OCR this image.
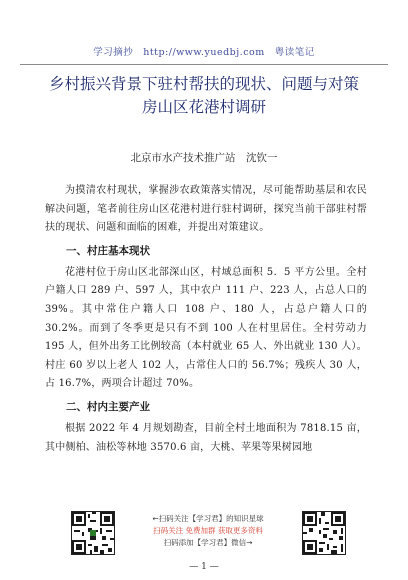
学习摘抄　http://www.yuedbj.com　粤读笔记
乡村振兴背景下驻村帮扶的现状、问题与对策
房山区花港村调研
北京市水产技术推广站　沈钦一

为摸清农村现状，掌握涉农政策落实情况，尽可能帮助基层和农民解决问题，笔者前往房山区花港村进行驻村调研，探究当前干部驻村帮扶的现状、问题和面临的困难，并提出对策建议。

一、村庄基本现状

花港村位于房山区北部深山区，村域总面积 5．5 平方公里。全村户籍人口 289 户、597 人，其中农户 111 户、223 人，占总人口的 39%。其中常住户籍人口 108 户、180 人，占总户籍人口的 30.2%。而到了冬季更是只有不到 100 人在村里居住。全村劳动力 195 人，但外出务工比例较高（本村就业 65 人、外出就业 130 人）。村庄 60 岁以上老人 102 人，占常住人口的 56.7%；残疾人 30 人，占 16.7%，两项合计超过 70%。

二、村内主要产业

根据 2022 年 4 月规划勘查，目前全村土地面积为 7818.15 亩，其中侧柏、油松等林地 3570.6 亩，大桃、苹果等果树园地

←扫码关注【学习君】的知识星球
扫码关注 免费加群 获取更多资料
扫码添加【学习君】微信→
— 1 —
